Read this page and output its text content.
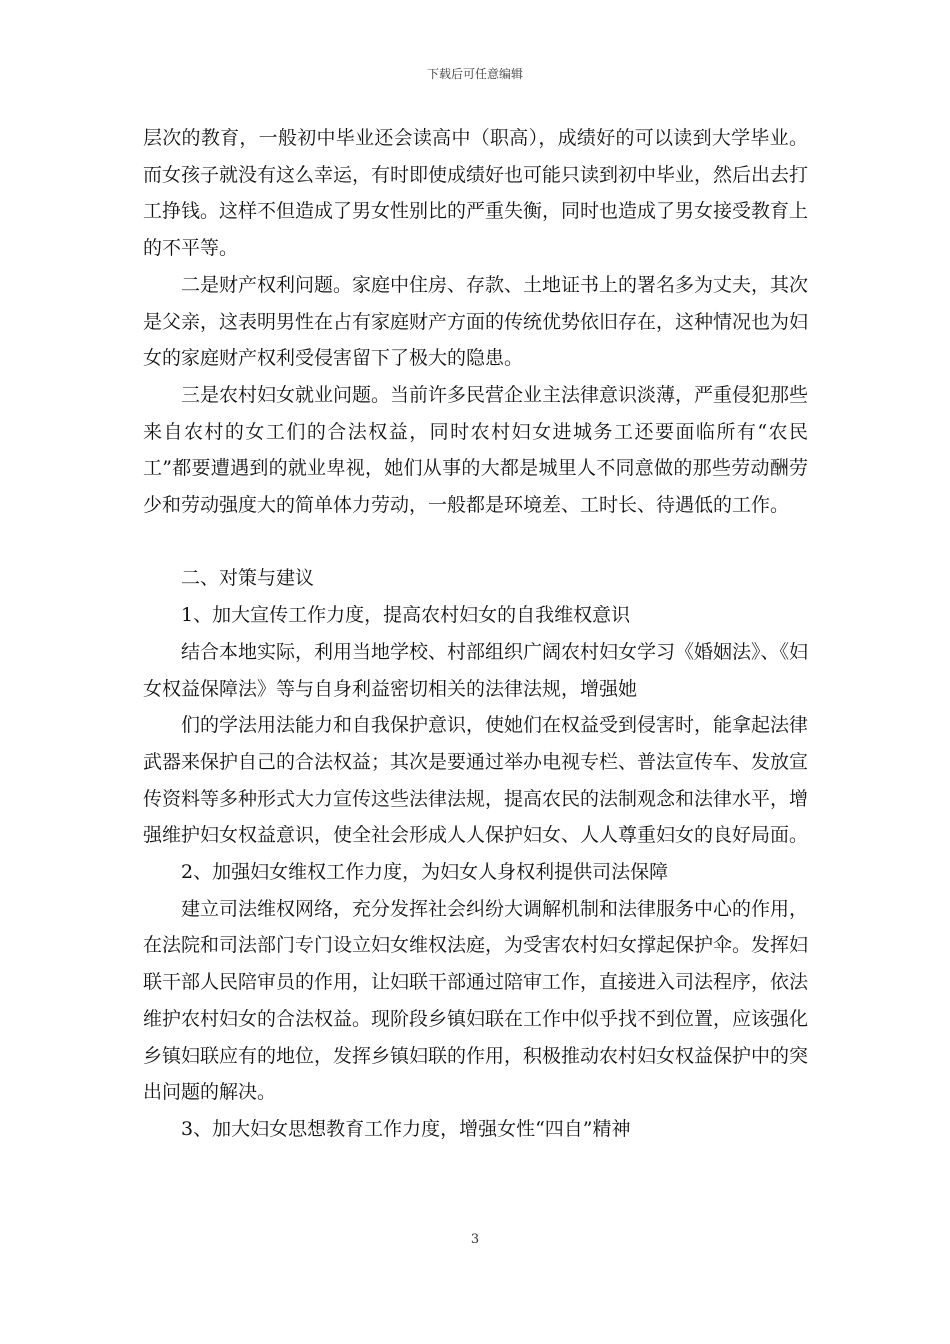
下载后可任意编辑

层次的教育，一般初中毕业还会读高中（职高），成绩好的可以读到大学毕业。而女孩子就没有这么幸运，有时即使成绩好也可能只读到初中毕业，然后出去打工挣钱。这样不但造成了男女性别比的严重失衡，同时也造成了男女接受教育上的不平等。

二是财产权利问题。家庭中住房、存款、土地证书上的署名多为丈夫，其次是父亲，这表明男性在占有家庭财产方面的传统优势依旧存在，这种情况也为妇女的家庭财产权利受侵害留下了极大的隐患。

三是农村妇女就业问题。当前许多民营企业主法律意识淡薄，严重侵犯那些来自农村的女工们的合法权益，同时农村妇女进城务工还要面临所有“农民工”都要遭遇到的就业卑视，她们从事的大都是城里人不同意做的那些劳动酬劳少和劳动强度大的简单体力劳动，一般都是环境差、工时长、待遇低的工作。

二、对策与建议

1、加大宣传工作力度，提高农村妇女的自我维权意识

结合本地实际，利用当地学校、村部组织广阔农村妇女学习《婚姻法》、《妇女权益保障法》等与自身利益密切相关的法律法规，增强她

们的学法用法能力和自我保护意识，使她们在权益受到侵害时，能拿起法律武器来保护自己的合法权益；其次是要通过举办电视专栏、普法宣传车、发放宣传资料等多种形式大力宣传这些法律法规，提高农民的法制观念和法律水平，增强维护妇女权益意识，使全社会形成人人保护妇女、人人尊重妇女的良好局面。

2、加强妇女维权工作力度，为妇女人身权利提供司法保障

建立司法维权网络，充分发挥社会纠纷大调解机制和法律服务中心的作用，在法院和司法部门专门设立妇女维权法庭，为受害农村妇女撑起保护伞。发挥妇联干部人民陪审员的作用，让妇联干部通过陪审工作，直接进入司法程序，依法维护农村妇女的合法权益。现阶段乡镇妇联在工作中似乎找不到位置，应该强化乡镇妇联应有的地位，发挥乡镇妇联的作用，积极推动农村妇女权益保护中的突出问题的解决。

3、加大妇女思想教育工作力度，增强女性“四自”精神

3
